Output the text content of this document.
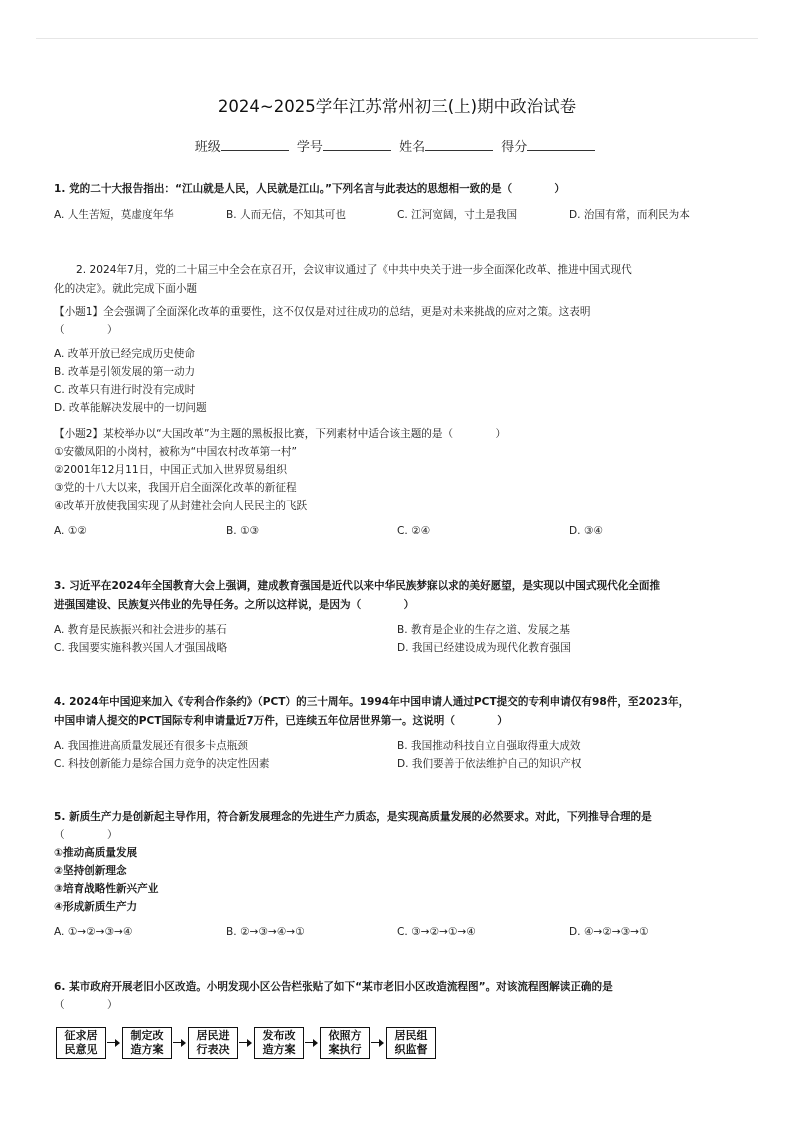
2024~2025学年江苏常州初三(上)期中政治试卷
班级	学号	姓名	得分
1. 党的二十大报告指出：“江山就是人民，人民就是江山。”下列名言与此表达的思想相一致的是（　　　　）
A. 人生苦短，莫虚度年华	B. 人而无信，不知其可也	C. 江河宽阔，寸土是我国	D. 治国有常，而利民为本
2. 2024年7月，党的二十届三中全会在京召开，会议审议通过了《中共中央关于进一步全面深化改革、推进中国式现代
化的决定》。就此完成下面小题
【小题1】全会强调了全面深化改革的重要性，这不仅仅是对过往成功的总结，更是对未来挑战的应对之策。这表明
（　　　　）
A. 改革开放已经完成历史使命
B. 改革是引领发展的第一动力
C. 改革只有进行时没有完成时
D. 改革能解决发展中的一切问题
【小题2】某校举办以“大国改革”为主题的黑板报比赛，下列素材中适合该主题的是（　　　　）
①安徽凤阳的小岗村，被称为“中国农村改革第一村”
②2001年12月11日，中国正式加入世界贸易组织
③党的十八大以来，我国开启全面深化改革的新征程
④改革开放使我国实现了从封建社会向人民民主的飞跃
A. ①②	B. ①③	C. ②④	D. ③④
3. 习近平在2024年全国教育大会上强调，建成教育强国是近代以来中华民族梦寐以求的美好愿望，是实现以中国式现代化全面推
进强国建设、民族复兴伟业的先导任务。之所以这样说，是因为（　　　　）
A. 教育是民族振兴和社会进步的基石	B. 教育是企业的生存之道、发展之基
C. 我国要实施科教兴国人才强国战略	D. 我国已经建设成为现代化教育强国
4. 2024年中国迎来加入《专利合作条约》（PCT）的三十周年。1994年中国申请人通过PCT提交的专利申请仅有98件，至2023年，
中国申请人提交的PCT国际专利申请量近7万件，已连续五年位居世界第一。这说明（　　　　）
A. 我国推进高质量发展还有很多卡点瓶颈	B. 我国推动科技自立自强取得重大成效
C. 科技创新能力是综合国力竞争的决定性因素	D. 我们要善于依法维护自己的知识产权
5. 新质生产力是创新起主导作用，符合新发展理念的先进生产力质态，是实现高质量发展的必然要求。对此，下列推导合理的是
（　　　　）
①推动高质量发展
②坚持创新理念
③培育战略性新兴产业
④形成新质生产力
A. ①→②→③→④	B. ②→③→④→①	C. ③→②→①→④	D. ④→②→③→①
6. 某市政府开展老旧小区改造。小明发现小区公告栏张贴了如下“某市老旧小区改造流程图”。对该流程图解读正确的是
（　　　　）
征求居
民意见
制定改
造方案
居民进
行表决
发布改
造方案
依照方
案执行
居民组
织监督
